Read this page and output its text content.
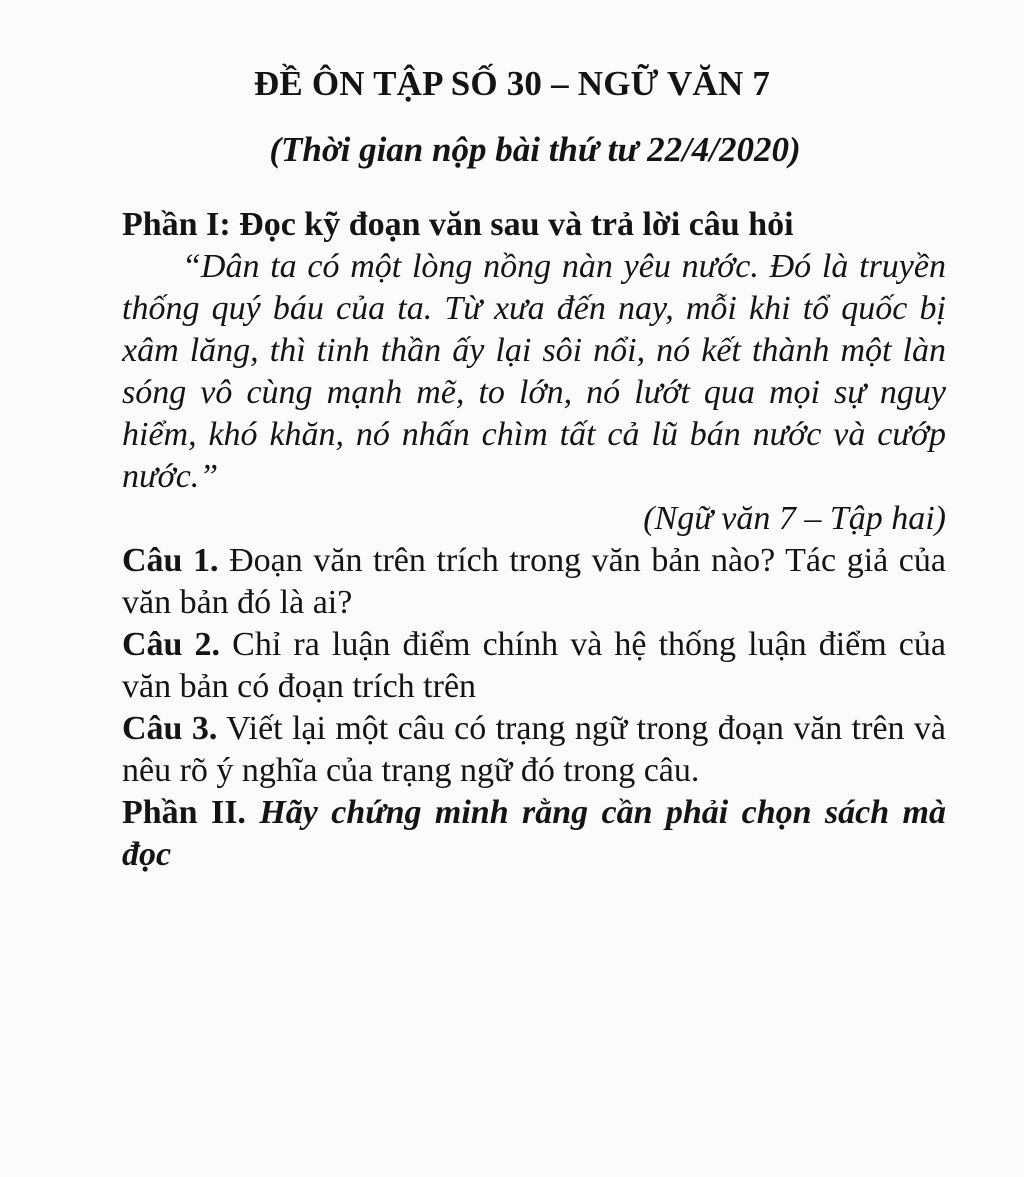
ĐỀ ÔN TẬP SỐ 30 – NGỮ VĂN 7
(Thời gian nộp bài thứ tư 22/4/2020)

Phần I: Đọc kỹ đoạn văn sau và trả lời câu hỏi

“Dân ta có một lòng nồng nàn yêu nước. Đó là truyền thống quý báu của ta. Từ xưa đến nay, mỗi khi tổ quốc bị xâm lăng, thì tinh thần ấy lại sôi nổi, nó kết thành một làn sóng vô cùng mạnh mẽ, to lớn, nó lướt qua mọi sự nguy hiểm, khó khăn, nó nhấn chìm tất cả lũ bán nước và cướp nước.”

(Ngữ văn 7 – Tập hai)

Câu 1. Đoạn văn trên trích trong văn bản nào? Tác giả của văn bản đó là ai?

Câu 2. Chỉ ra luận điểm chính và hệ thống luận điểm của văn bản có đoạn trích trên

Câu 3. Viết lại một câu có trạng ngữ trong đoạn văn trên và nêu rõ ý nghĩa của trạng ngữ đó trong câu.

Phần II. Hãy chứng minh rằng cần phải chọn sách mà đọc
